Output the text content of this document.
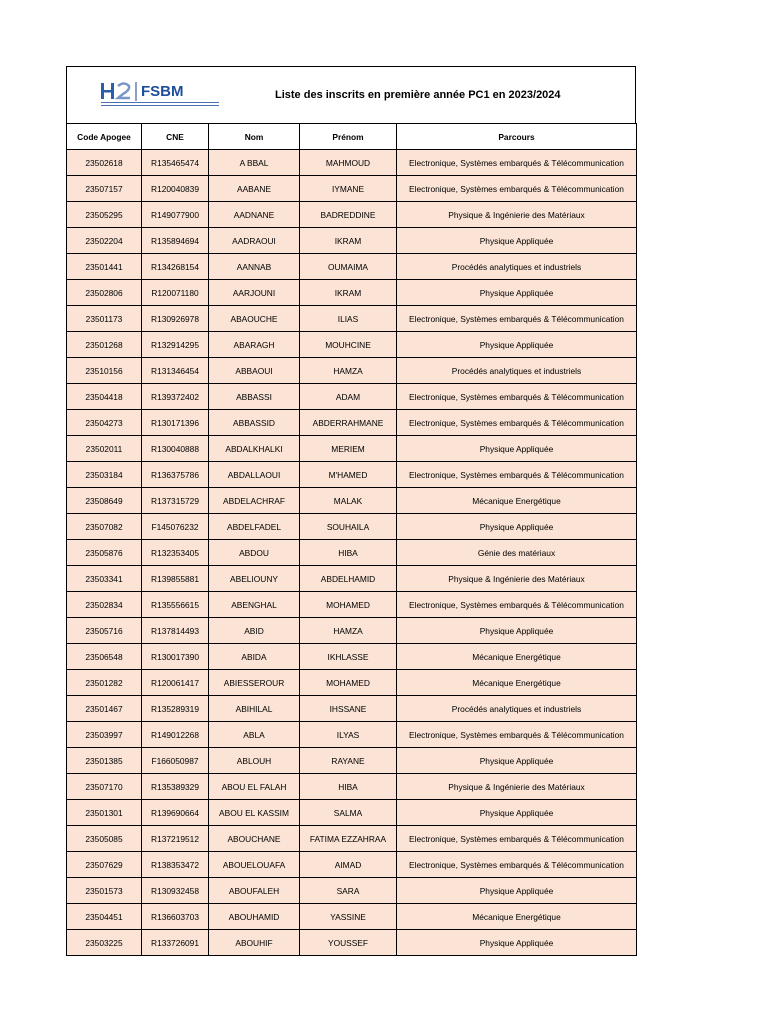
FSBM	Liste des inscrits en première année PC1 en 2023/2024
Code Apogee	CNE	Nom	Prénom	Parcours
23502618	R135465474	A BBAL	MAHMOUD	Electronique, Systèmes embarqués & Télécommunication
23507157	R120040839	AABANE	IYMANE	Electronique, Systèmes embarqués & Télécommunication
23505295	R149077900	AADNANE	BADREDDINE	Physique & Ingénierie des Matériaux
23502204	R135894694	AADRAOUI	IKRAM	Physique Appliquée
23501441	R134268154	AANNAB	OUMAIMA	Procédés analytiques et industriels
23502806	R120071180	AARJOUNI	IKRAM	Physique Appliquée
23501173	R130926978	ABAOUCHE	ILIAS	Electronique, Systèmes embarqués & Télécommunication
23501268	R132914295	ABARAGH	MOUHCINE	Physique Appliquée
23510156	R131346454	ABBAOUI	HAMZA	Procédés analytiques et industriels
23504418	R139372402	ABBASSI	ADAM	Electronique, Systèmes embarqués & Télécommunication
23504273	R130171396	ABBASSID	ABDERRAHMANE	Electronique, Systèmes embarqués & Télécommunication
23502011	R130040888	ABDALKHALKI	MERIEM	Physique Appliquée
23503184	R136375786	ABDALLAOUI	M'HAMED	Electronique, Systèmes embarqués & Télécommunication
23508649	R137315729	ABDELACHRAF	MALAK	Mécanique Energétique
23507082	F145076232	ABDELFADEL	SOUHAILA	Physique Appliquée
23505876	R132353405	ABDOU	HIBA	Génie des matériaux
23503341	R139855881	ABELIOUNY	ABDELHAMID	Physique & Ingénierie des Matériaux
23502834	R135556615	ABENGHAL	MOHAMED	Electronique, Systèmes embarqués & Télécommunication
23505716	R137814493	ABID	HAMZA	Physique Appliquée
23506548	R130017390	ABIDA	IKHLASSE	Mécanique Energétique
23501282	R120061417	ABIESSEROUR	MOHAMED	Mécanique Energétique
23501467	R135289319	ABIHILAL	IHSSANE	Procédés analytiques et industriels
23503997	R149012268	ABLA	ILYAS	Electronique, Systèmes embarqués & Télécommunication
23501385	F166050987	ABLOUH	RAYANE	Physique Appliquée
23507170	R135389329	ABOU EL FALAH	HIBA	Physique & Ingénierie des Matériaux
23501301	R139690664	ABOU EL KASSIM	SALMA	Physique Appliquée
23505085	R137219512	ABOUCHANE	FATIMA EZZAHRAA	Electronique, Systèmes embarqués & Télécommunication
23507629	R138353472	ABOUELOUAFA	AIMAD	Electronique, Systèmes embarqués & Télécommunication
23501573	R130932458	ABOUFALEH	SARA	Physique Appliquée
23504451	R136603703	ABOUHAMID	YASSINE	Mécanique Energétique
23503225	R133726091	ABOUHIF	YOUSSEF	Physique Appliquée
